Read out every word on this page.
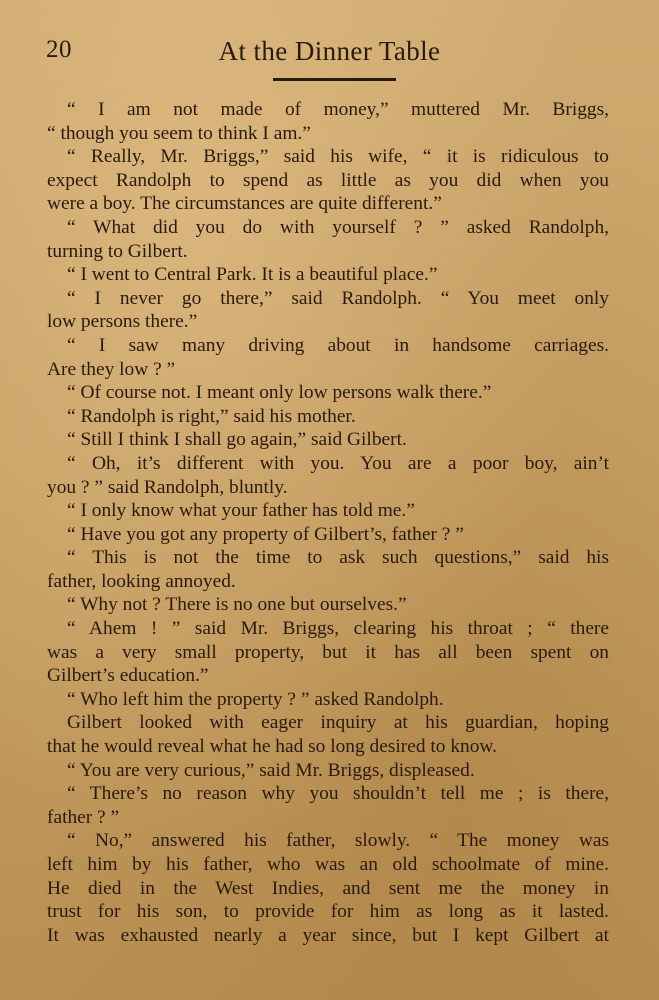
20	At the Dinner Table
“ I am not made of money,” muttered Mr. Briggs,
“ though you seem to think I am.”
“ Really, Mr. Briggs,” said his wife, “ it is ridiculous to
expect Randolph to spend as little as you did when you
were a boy. The circumstances are quite different.”
“ What did you do with yourself ? ” asked Randolph,
turning to Gilbert.
“ I went to Central Park. It is a beautiful place.”
“ I never go there,” said Randolph. “ You meet only
low persons there.”
“ I saw many driving about in handsome carriages.
Are they low ? ”
“ Of course not. I meant only low persons walk there.”
“ Randolph is right,” said his mother.
“ Still I think I shall go again,” said Gilbert.
“ Oh, it’s different with you. You are a poor boy, ain’t
you ? ” said Randolph, bluntly.
“ I only know what your father has told me.”
“ Have you got any property of Gilbert’s, father ? ”
“ This is not the time to ask such questions,” said his
father, looking annoyed.
“ Why not ? There is no one but ourselves.”
“ Ahem ! ” said Mr. Briggs, clearing his throat ; “ there
was a very small property, but it has all been spent on
Gilbert’s education.”
“ Who left him the property ? ” asked Randolph.
Gilbert looked with eager inquiry at his guardian, hoping
that he would reveal what he had so long desired to know.
“ You are very curious,” said Mr. Briggs, displeased.
“ There’s no reason why you shouldn’t tell me ; is there,
father ? ”
“ No,” answered his father, slowly. “ The money was
left him by his father, who was an old schoolmate of mine.
He died in the West Indies, and sent me the money in
trust for his son, to provide for him as long as it lasted.
It was exhausted nearly a year since, but I kept Gilbert at
